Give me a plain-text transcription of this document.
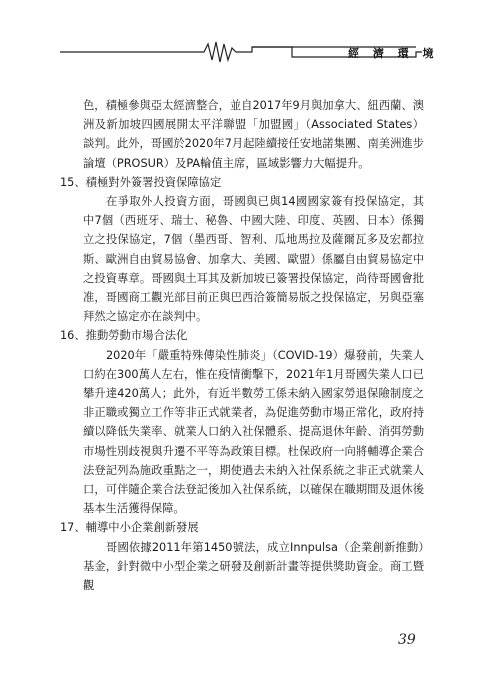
經 濟 環 境

色，積極參與亞太經濟整合，並自2017年9月與加拿大、紐西蘭、澳洲及新加坡四國展開太平洋聯盟「加盟國」（Associated States）談判。此外，哥國於2020年7月起陸續接任安地諾集團、南美洲進步論壇（PROSUR）及PA輪值主席，區域影響力大幅提升。

15、積極對外簽署投資保障協定

在爭取外人投資方面，哥國與已與14國國家簽有投保協定，其中7個（西班牙、瑞士、秘魯、中國大陸、印度、英國、日本）係獨立之投保協定，7個（墨西哥、智利、瓜地馬拉及薩爾瓦多及宏都拉斯、歐洲自由貿易協會、加拿大、美國、歐盟）係屬自由貿易協定中之投資專章。哥國與土耳其及新加坡已簽署投保協定，尚待哥國會批准，哥國商工觀光部目前正與巴西洽簽簡易版之投保協定，另與亞塞拜然之協定亦在談判中。

16、推動勞動市場合法化

2020年「嚴重特殊傳染性肺炎」（COVID-19）爆發前，失業人口約在300萬人左右，惟在疫情衝擊下，2021年1月哥國失業人口已攀升達420萬人；此外，有近半數勞工係未納入國家勞退保險制度之非正職或獨立工作等非正式就業者，為促進勞動市場正常化，政府持續以降低失業率、就業人口納入社保體系、提高退休年齡、消弭勞動市場性別歧視與升遷不平等為政策目標。杜保政府一向將輔導企業合法登記列為施政重點之一，期使過去未納入社保系統之非正式就業人口，可伴隨企業合法登記後加入社保系統，以確保在職期間及退休後基本生活獲得保障。

17、輔導中小企業創新發展

哥國依據2011年第1450號法，成立Innpulsa（企業創新推動）基金，針對微中小型企業之研發及創新計畫等提供獎助資金。商工暨觀

39
